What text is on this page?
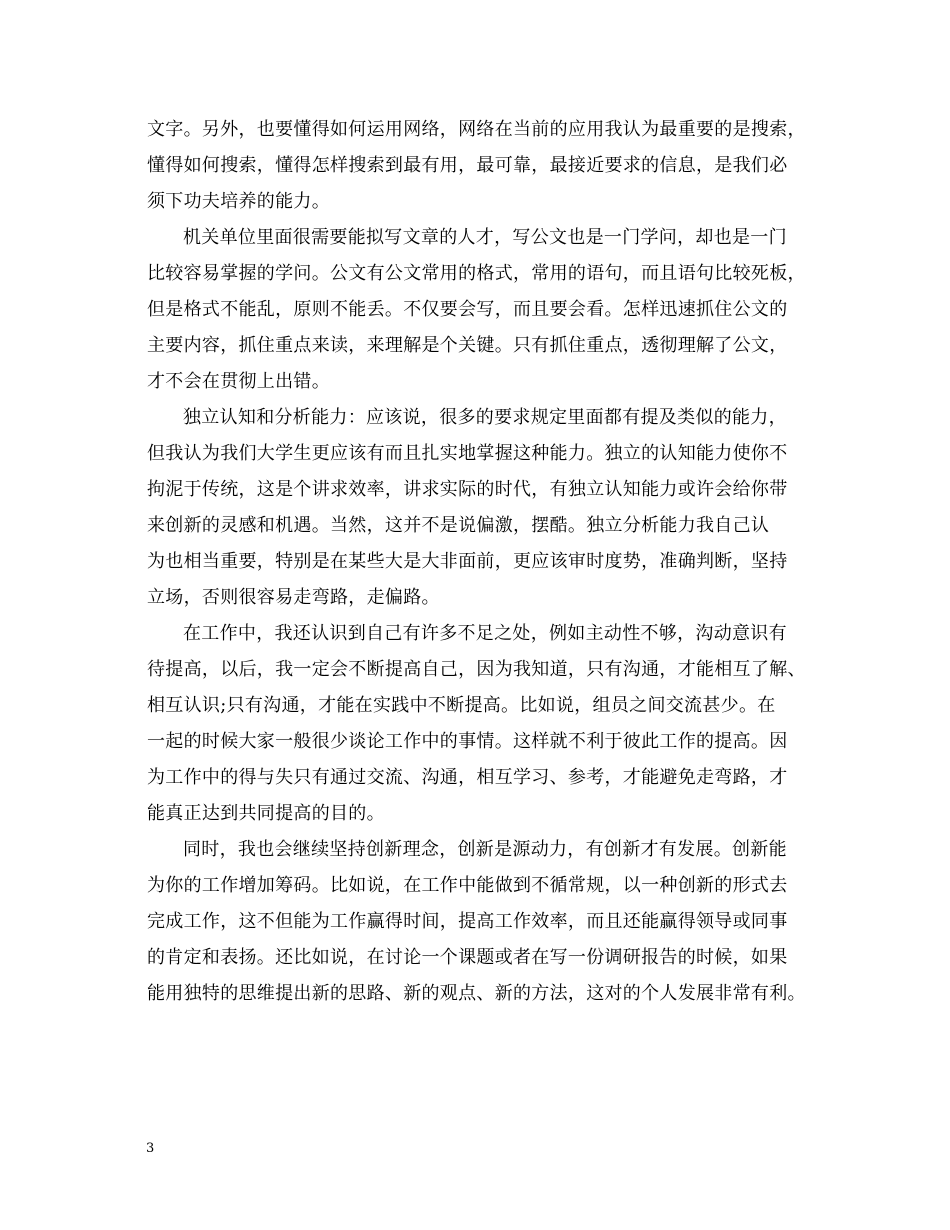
文字。另外，也要懂得如何运用网络，网络在当前的应用我认为最重要的是搜索，
懂得如何搜索，懂得怎样搜索到最有用，最可靠，最接近要求的信息，是我们必
须下功夫培养的能力。
机关单位里面很需要能拟写文章的人才，写公文也是一门学问，却也是一门
比较容易掌握的学问。公文有公文常用的格式，常用的语句，而且语句比较死板，
但是格式不能乱，原则不能丢。不仅要会写，而且要会看。怎样迅速抓住公文的
主要内容，抓住重点来读，来理解是个关键。只有抓住重点，透彻理解了公文，
才不会在贯彻上出错。
独立认知和分析能力：应该说，很多的要求规定里面都有提及类似的能力，
但我认为我们大学生更应该有而且扎实地掌握这种能力。独立的认知能力使你不
拘泥于传统，这是个讲求效率，讲求实际的时代，有独立认知能力或许会给你带
来创新的灵感和机遇。当然，这并不是说偏激，摆酷。独立分析能力我自己认
为也相当重要，特别是在某些大是大非面前，更应该审时度势，准确判断，坚持
立场，否则很容易走弯路，走偏路。
在工作中，我还认识到自己有许多不足之处，例如主动性不够，沟动意识有
待提高，以后，我一定会不断提高自己，因为我知道，只有沟通，才能相互了解、
相互认识;只有沟通，才能在实践中不断提高。比如说，组员之间交流甚少。在
一起的时候大家一般很少谈论工作中的事情。这样就不利于彼此工作的提高。因
为工作中的得与失只有通过交流、沟通，相互学习、参考，才能避免走弯路，才
能真正达到共同提高的目的。
同时，我也会继续坚持创新理念，创新是源动力，有创新才有发展。创新能
为你的工作增加筹码。比如说，在工作中能做到不循常规，以一种创新的形式去
完成工作，这不但能为工作赢得时间，提高工作效率，而且还能赢得领导或同事
的肯定和表扬。还比如说，在讨论一个课题或者在写一份调研报告的时候，如果
能用独特的思维提出新的思路、新的观点、新的方法，这对的个人发展非常有利。
3
